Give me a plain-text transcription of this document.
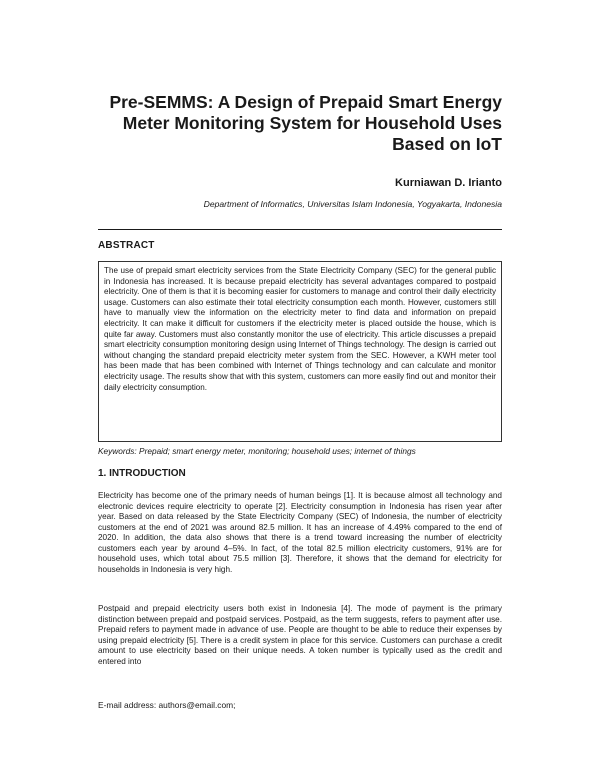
Pre-SEMMS: A Design of Prepaid Smart Energy Meter Monitoring System for Household Uses Based on IoT
Kurniawan D. Irianto
Department of Informatics, Universitas Islam Indonesia, Yogyakarta, Indonesia
ABSTRACT
The use of prepaid smart electricity services from the State Electricity Company (SEC) for the general public in Indonesia has increased. It is because prepaid electricity has several advantages compared to postpaid electricity. One of them is that it is becoming easier for customers to manage and control their daily electricity usage. Customers can also estimate their total electricity consumption each month. However, customers still have to manually view the information on the electricity meter to find data and information on prepaid electricity. It can make it difficult for customers if the electricity meter is placed outside the house, which is quite far away. Customers must also constantly monitor the use of electricity. This article discusses a prepaid smart electricity consumption monitoring design using Internet of Things technology. The design is carried out without changing the standard prepaid electricity meter system from the SEC. However, a KWH meter tool has been made that has been combined with Internet of Things technology and can calculate and monitor electricity usage. The results show that with this system, customers can more easily find out and monitor their daily electricity consumption.
Keywords: Prepaid; smart energy meter, monitoring; household uses; internet of things
1. INTRODUCTION
Electricity has become one of the primary needs of human beings [1]. It is because almost all technology and electronic devices require electricity to operate [2]. Electricity consumption in Indonesia has risen year after year. Based on data released by the State Electricity Company (SEC) of Indonesia, the number of electricity customers at the end of 2021 was around 82.5 million. It has an increase of 4.49% compared to the end of 2020. In addition, the data also shows that there is a trend toward increasing the number of electricity customers each year by around 4–5%. In fact, of the total 82.5 million electricity customers, 91% are for household uses, which total about 75.5 million [3]. Therefore, it shows that the demand for electricity for households in Indonesia is very high.
Postpaid and prepaid electricity users both exist in Indonesia [4]. The mode of payment is the primary distinction between prepaid and postpaid services. Postpaid, as the term suggests, refers to payment after use. Prepaid refers to payment made in advance of use. People are thought to be able to reduce their expenses by using prepaid electricity [5]. There is a credit system in place for this service. Customers can purchase a credit amount to use electricity based on their unique needs. A token number is typically used as the credit and entered into
E-mail address: authors@email.com;
